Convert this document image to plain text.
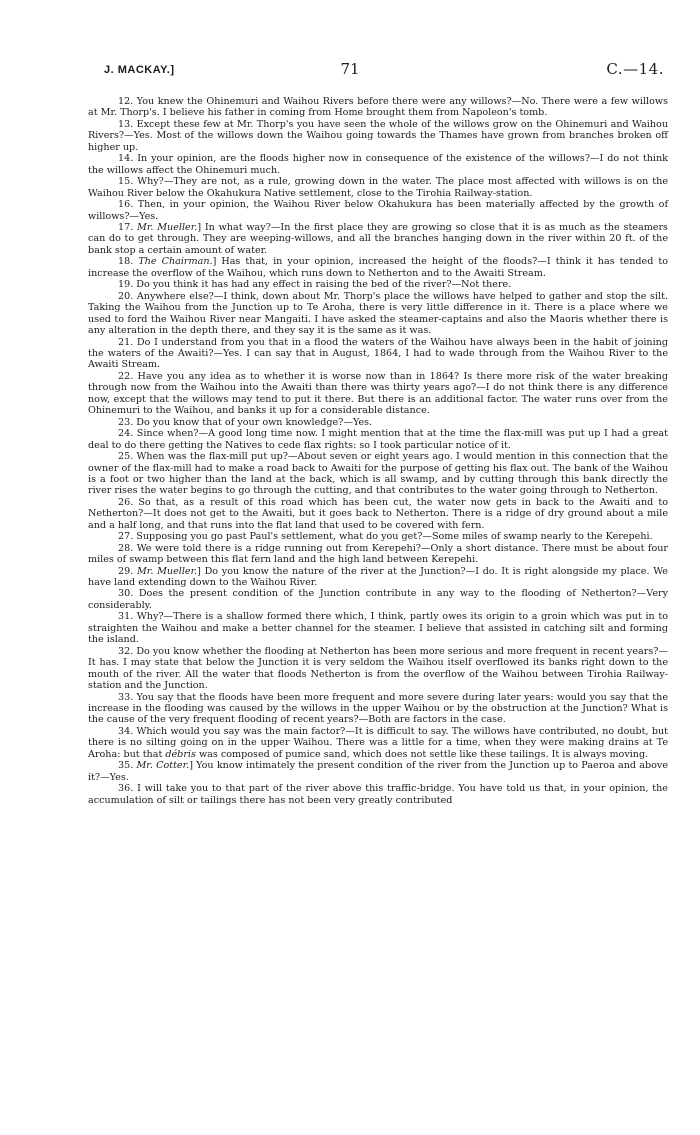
J. MACKAY.]	71	C.—14.

12. You knew the Ohinemuri and Waihou Rivers before there were any willows?—No. There were a few willows at Mr. Thorp's. I believe his father in coming from Home brought them from Napoleon's tomb.

13. Except these few at Mr. Thorp's you have seen the whole of the willows grow on the Ohinemuri and Waihou Rivers?—Yes. Most of the willows down the Waihou going towards the Thames have grown from branches broken off higher up.

14. In your opinion, are the floods higher now in consequence of the existence of the willows?—I do not think the willows affect the Ohinemuri much.

15. Why?—They are not, as a rule, growing down in the water. The place most affected with willows is on the Waihou River below the Okahukura Native settlement, close to the Tirohia Railway-station.

16. Then, in your opinion, the Waihou River below Okahukura has been materially affected by the growth of willows?—Yes.

17. Mr. Mueller.] In what way?—In the first place they are growing so close that it is as much as the steamers can do to get through. They are weeping-willows, and all the branches hanging down in the river within 20 ft. of the bank stop a certain amount of water.

18. The Chairman.] Has that, in your opinion, increased the height of the floods?—I think it has tended to increase the overflow of the Waihou, which runs down to Netherton and to the Awaiti Stream.

19. Do you think it has had any effect in raising the bed of the river?—Not there.

20. Anywhere else?—I think, down about Mr. Thorp's place the willows have helped to gather and stop the silt. Taking the Waihou from the Junction up to Te Aroha, there is very little difference in it. There is a place where we used to ford the Waihou River near Mangaiti. I have asked the steamer-captains and also the Maoris whether there is any alteration in the depth there, and they say it is the same as it was.

21. Do I understand from you that in a flood the waters of the Waihou have always been in the habit of joining the waters of the Awaiti?—Yes. I can say that in August, 1864, I had to wade through from the Waihou River to the Awaiti Stream.

22. Have you any idea as to whether it is worse now than in 1864? Is there more risk of the water breaking through now from the Waihou into the Awaiti than there was thirty years ago?—I do not think there is any difference now, except that the willows may tend to put it there. But there is an additional factor. The water runs over from the Ohinemuri to the Waihou, and banks it up for a considerable distance.

23. Do you know that of your own knowledge?—Yes.

24. Since when?—A good long time now. I might mention that at the time the flax-mill was put up I had a great deal to do there getting the Natives to cede flax rights: so I took particular notice of it.

25. When was the flax-mill put up?—About seven or eight years ago. I would mention in this connection that the owner of the flax-mill had to make a road back to Awaiti for the purpose of getting his flax out. The bank of the Waihou is a foot or two higher than the land at the back, which is all swamp, and by cutting through this bank directly the river rises the water begins to go through the cutting, and that contributes to the water going through to Netherton.

26. So that, as a result of this road which has been cut, the water now gets in back to the Awaiti and to Netherton?—It does not get to the Awaiti, but it goes back to Netherton. There is a ridge of dry ground about a mile and a half long, and that runs into the flat land that used to be covered with fern.

27. Supposing you go past Paul's settlement, what do you get?—Some miles of swamp nearly to the Kerepehi.

28. We were told there is a ridge running out from Kerepehi?—Only a short distance. There must be about four miles of swamp between this flat fern land and the high land between Kerepehi.

29. Mr. Mueller.] Do you know the nature of the river at the Junction?—I do. It is right alongside my place. We have land extending down to the Waihou River.

30. Does the present condition of the Junction contribute in any way to the flooding of Netherton?—Very considerably.

31. Why?—There is a shallow formed there which, I think, partly owes its origin to a groin which was put in to straighten the Waihou and make a better channel for the steamer. I believe that assisted in catching silt and forming the island.

32. Do you know whether the flooding at Netherton has been more serious and more frequent in recent years?—It has. I may state that below the Junction it is very seldom the Waihou itself overflowed its banks right down to the mouth of the river. All the water that floods Netherton is from the overflow of the Waihou between Tirohia Railway-station and the Junction.

33. You say that the floods have been more frequent and more severe during later years: would you say that the increase in the flooding was caused by the willows in the upper Waihou or by the obstruction at the Junction? What is the cause of the very frequent flooding of recent years?—Both are factors in the case.

34. Which would you say was the main factor?—It is difficult to say. The willows have contributed, no doubt, but there is no silting going on in the upper Waihou. There was a little for a time, when they were making drains at Te Aroha: but that débris was composed of pumice sand, which does not settle like these tailings. It is always moving.

35. Mr. Cotter.] You know intimately the present condition of the river from the Junction up to Paeroa and above it?—Yes.

36. I will take you to that part of the river above this traffic-bridge. You have told us that, in your opinion, the accumulation of silt or tailings there has not been very greatly contributed
